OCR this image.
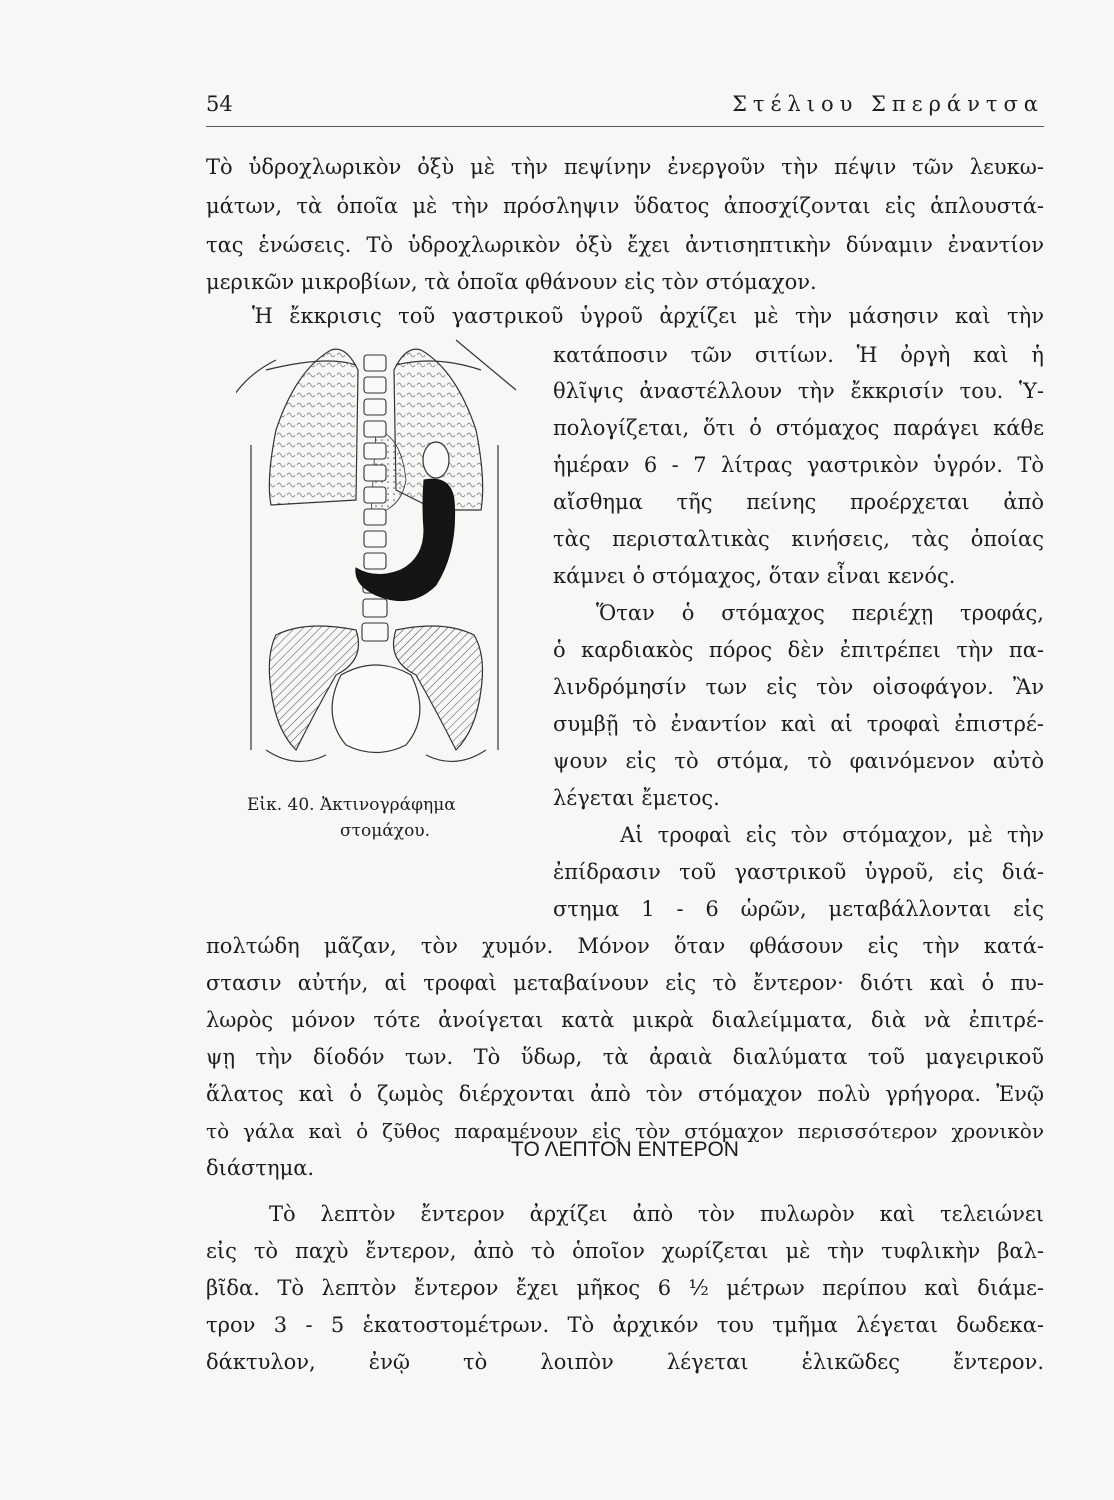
54	Στέλιου Σπεράντσα
Τὸ ὑδροχλωρικὸν ὀξὺ μὲ τὴν πεψίνην ἐνεργοῦν τὴν πέψιν τῶν λευκω-
μάτων, τὰ ὁποῖα μὲ τὴν πρόσληψιν ὕδατος ἀποσχίζονται εἰς ἁπλουστά-
τας ἑνώσεις. Τὸ ὑδροχλωρικὸν ὀξὺ ἔχει ἀντισηπτικὴν δύναμιν ἐναντίον
μερικῶν μικροβίων, τὰ ὁποῖα φθάνουν εἰς τὸν στόμαχον.
Ἡ ἔκκρισις τοῦ γαστρικοῦ ὑγροῦ ἀρχίζει μὲ τὴν μάσησιν καὶ τὴν
κατάποσιν τῶν σιτίων. Ἡ ὀργὴ καὶ ἡ
θλῖψις ἀναστέλλουν τὴν ἔκκρισίν του. Ὑ-
πολογίζεται, ὅτι ὁ στόμαχος παράγει κάθε
ἡμέραν 6 - 7 λίτρας γαστρικὸν ὑγρόν. Τὸ
αἴσθημα τῆς πείνης προέρχεται ἀπὸ
τὰς περισταλτικὰς κινήσεις, τὰς ὁποίας
κάμνει ὁ στόμαχος, ὅταν εἶναι κενός.
Ὅταν ὁ στόμαχος περιέχῃ τροφάς,
ὁ καρδιακὸς πόρος δὲν ἐπιτρέπει τὴν πα-
λινδρόμησίν των εἰς τὸν οἰσοφάγον. Ἂν
συμβῇ τὸ ἐναντίον καὶ αἱ τροφαὶ ἐπιστρέ-
ψουν εἰς τὸ στόμα, τὸ φαινόμενον αὐτὸ
λέγεται ἔμετος.
Αἱ τροφαὶ εἰς τὸν στόμαχον, μὲ τὴν
ἐπίδρασιν τοῦ γαστρικοῦ ὑγροῦ, εἰς διά-
στημα 1 - 6 ὡρῶν, μεταβάλλονται εἰς
πολτώδη μᾶζαν, τὸν χυμόν. Μόνον ὅταν φθάσουν εἰς τὴν κατά-
στασιν αὐτήν, αἱ τροφαὶ μεταβαίνουν εἰς τὸ ἔντερον· διότι καὶ ὁ πυ-
λωρὸς μόνον τότε ἀνοίγεται κατὰ μικρὰ διαλείμματα, διὰ νὰ ἐπιτρέ-
ψῃ τὴν δίοδόν των. Τὸ ὕδωρ, τὰ ἀραιὰ διαλύματα τοῦ μαγειρικοῦ
ἅλατος καὶ ὁ ζωμὸς διέρχονται ἀπὸ τὸν στόμαχον πολὺ γρήγορα. Ἐνῷ
τὸ γάλα καὶ ὁ ζῦθος παραμένουν εἰς τὸν στόμαχον περισσότερον χρονικὸν
διάστημα.
Εἰκ. 40. Ἀκτινογράφημα
στομάχου.
ΤΟ ΛΕΠΤΟΝ ΕΝΤΕΡΟΝ
Τὸ λεπτὸν ἔντερον ἀρχίζει ἀπὸ τὸν πυλωρὸν καὶ τελειώνει
εἰς τὸ παχὺ ἔντερον, ἀπὸ τὸ ὁποῖον χωρίζεται μὲ τὴν τυφλικὴν βαλ-
βῖδα. Τὸ λεπτὸν ἔντερον ἔχει μῆκος 6 ½ μέτρων περίπου καὶ διάμε-
τρον 3 - 5 ἑκατοστομέτρων. Τὸ ἀρχικόν του τμῆμα λέγεται δωδεκα-
δάκτυλον, ἐνῷ τὸ λοιπὸν λέγεται ἑλικῶδες ἔντερον.
